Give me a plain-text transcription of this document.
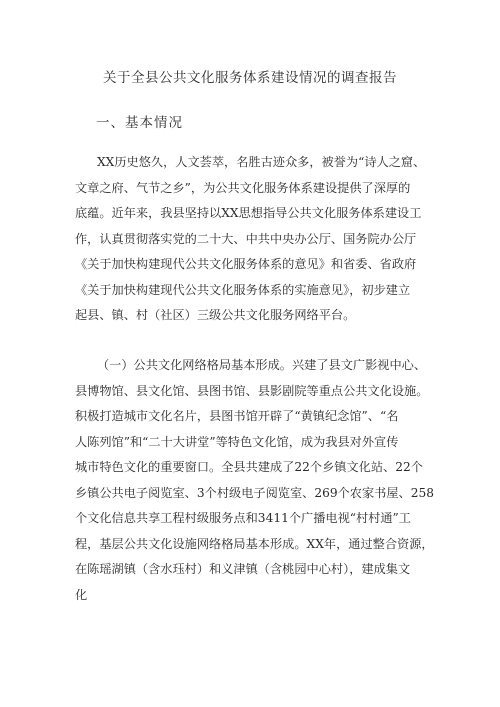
关于全县公共文化服务体系建设情况的调查报告
一、基本情况
XX历史悠久，人文荟萃，名胜古迹众多，被誉为“诗人之窟、
文章之府、气节之乡”，为公共文化服务体系建设提供了深厚的
底蕴。近年来，我县坚持以XX思想指导公共文化服务体系建设工
作，认真贯彻落实党的二十大、中共中央办公厅、国务院办公厅
《关于加快构建现代公共文化服务体系的意见》和省委、省政府
《关于加快构建现代公共文化服务体系的实施意见》，初步建立
起县、镇、村（社区）三级公共文化服务网络平台。
（一）公共文化网络格局基本形成。兴建了县文广影视中心、
县博物馆、县文化馆、县图书馆、县影剧院等重点公共文化设施。
积极打造城市文化名片，县图书馆开辟了“黄镇纪念馆”、“名
人陈列馆”和“二十大讲堂”等特色文化馆，成为我县对外宣传
城市特色文化的重要窗口。全县共建成了22个乡镇文化站、22个
乡镇公共电子阅览室、3个村级电子阅览室、269个农家书屋、258
个文化信息共享工程村级服务点和3411个广播电视“村村通”工
程，基层公共文化设施网络格局基本形成。XX年，通过整合资源，
在陈瑶湖镇（含水珏村）和义津镇（含桃园中心村），建成集文
化
